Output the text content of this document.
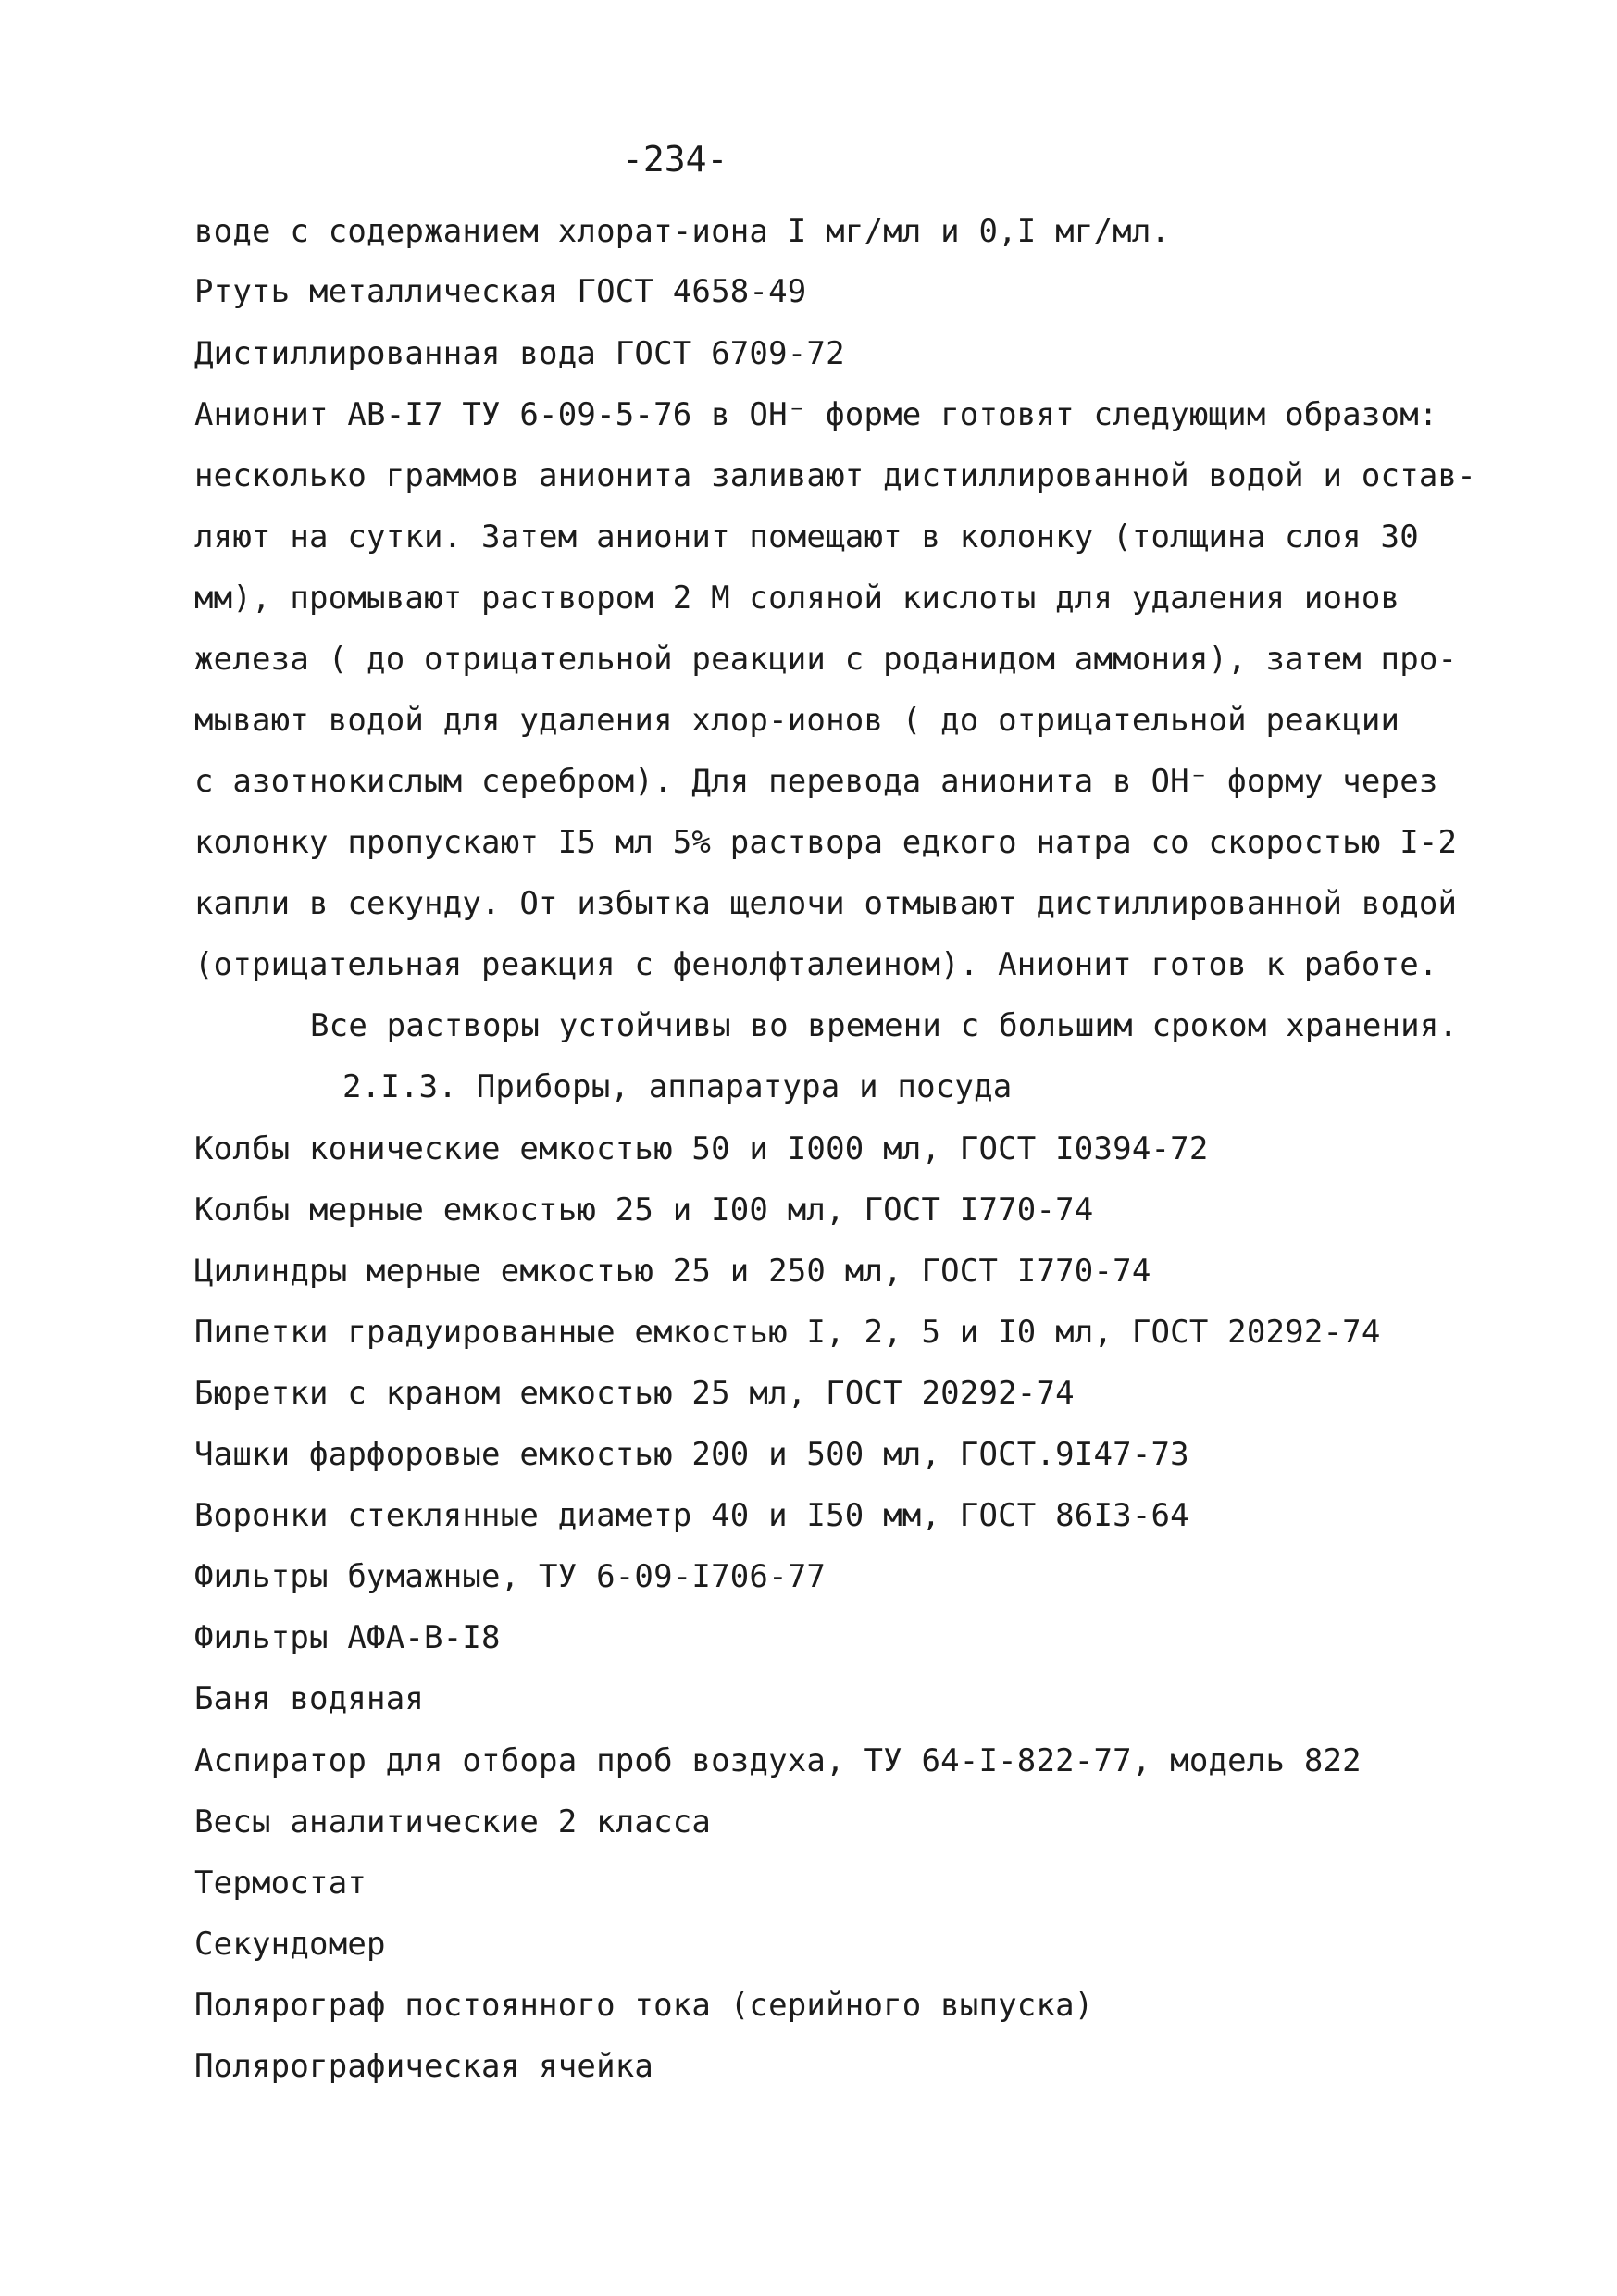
-234-
воде с содержанием хлорат-иона I мг/мл и 0,I мг/мл.
Ртуть металлическая ГОСТ 4658-49
Дистиллированная вода ГОСТ 6709-72
Анионит АВ-I7 ТУ 6-09-5-76 в ОН⁻ форме готовят следующим образом:
несколько граммов анионита заливают дистиллированной водой и остав-
ляют на сутки. Затем анионит помещают в колонку (толщина слоя 30
мм), промывают раствором 2 М соляной кислоты для удаления ионов
железа ( до отрицательной реакции с роданидом аммония), затем про-
мывают водой для удаления хлор-ионов ( до отрицательной реакции
с азотнокислым серебром). Для перевода анионита в ОН⁻ форму через
колонку пропускают I5 мл 5% раствора едкого натра со скоростью I-2
капли в секунду. От избытка щелочи отмывают дистиллированной водой
(отрицательная реакция с фенолфталеином). Анионит готов к работе.
Все растворы устойчивы во времени с большим сроком хранения.
2.I.3. Приборы, аппаратура и посуда
Колбы конические емкостью 50 и I000 мл, ГОСТ I0394-72
Колбы мерные емкостью 25 и I00 мл, ГОСТ I770-74
Цилиндры мерные емкостью 25 и 250 мл, ГОСТ I770-74
Пипетки градуированные емкостью I, 2, 5 и I0 мл, ГОСТ 20292-74
Бюретки с краном емкостью 25 мл, ГОСТ 20292-74
Чашки фарфоровые емкостью 200 и 500 мл, ГОСТ.9I47-73
Воронки стеклянные диаметр 40 и I50 мм, ГОСТ 86I3-64
Фильтры бумажные, ТУ 6-09-I706-77
Фильтры АФА-В-I8
Баня водяная
Аспиратор для отбора проб воздуха, ТУ 64-I-822-77, модель 822
Весы аналитические 2 класса
Термостат
Секундомер
Полярограф постоянного тока (серийного выпуска)
Полярографическая ячейка
